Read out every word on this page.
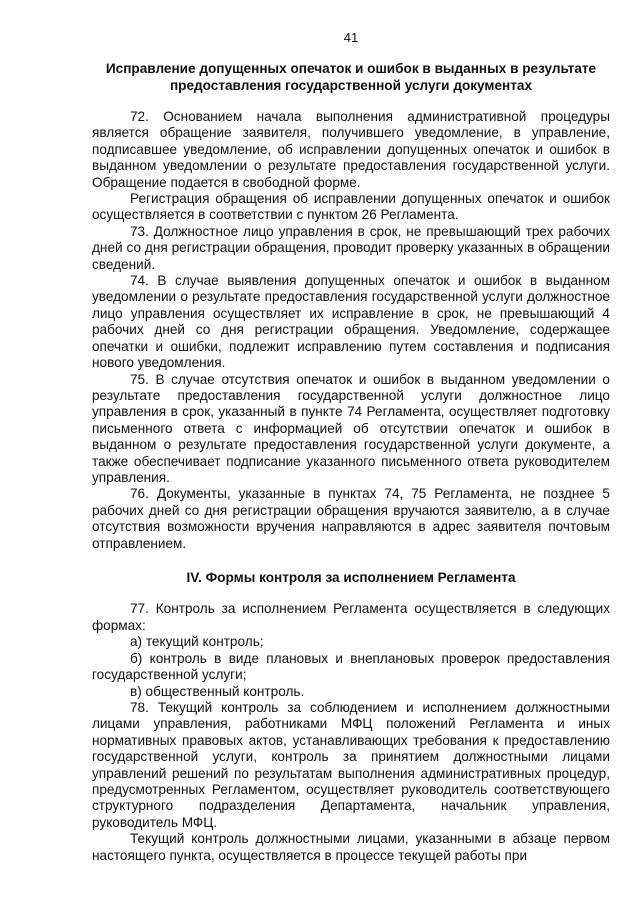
41
Исправление допущенных опечаток и ошибок в выданных в результате предоставления государственной услуги документах

72. Основанием начала выполнения административной процедуры является обращение заявителя, получившего уведомление, в управление, подписавшее уведомление, об исправлении допущенных опечаток и ошибок в выданном уведомлении о результате предоставления государственной услуги. Обращение подается в свободной форме.

Регистрация обращения об исправлении допущенных опечаток и ошибок осуществляется в соответствии с пунктом 26 Регламента.

73. Должностное лицо управления в срок, не превышающий трех рабочих дней со дня регистрации обращения, проводит проверку указанных в обращении сведений.

74. В случае выявления допущенных опечаток и ошибок в выданном уведомлении о результате предоставления государственной услуги должностное лицо управления осуществляет их исправление в срок, не превышающий 4 рабочих дней со дня регистрации обращения. Уведомление, содержащее опечатки и ошибки, подлежит исправлению путем составления и подписания нового уведомления.

75. В случае отсутствия опечаток и ошибок в выданном уведомлении о результате предоставления государственной услуги должностное лицо управления в срок, указанный в пункте 74 Регламента, осуществляет подготовку письменного ответа с информацией об отсутствии опечаток и ошибок в выданном о результате предоставления государственной услуги документе, а также обеспечивает подписание указанного письменного ответа руководителем управления.

76. Документы, указанные в пунктах 74, 75 Регламента, не позднее 5 рабочих дней со дня регистрации обращения вручаются заявителю, а в случае отсутствия возможности вручения направляются в адрес заявителя почтовым отправлением.

IV. Формы контроля за исполнением Регламента

77. Контроль за исполнением Регламента осуществляется в следующих формах:

а) текущий контроль;

б) контроль в виде плановых и внеплановых проверок предоставления государственной услуги;

в) общественный контроль.

78. Текущий контроль за соблюдением и исполнением должностными лицами управления, работниками МФЦ положений Регламента и иных нормативных правовых актов, устанавливающих требования к предоставлению государственной услуги, контроль за принятием должностными лицами управлений решений по результатам выполнения административных процедур, предусмотренных Регламентом, осуществляет руководитель соответствующего структурного подразделения Департамента, начальник управления, руководитель МФЦ.

Текущий контроль должностными лицами, указанными в абзаце первом настоящего пункта, осуществляется в процессе текущей работы при
